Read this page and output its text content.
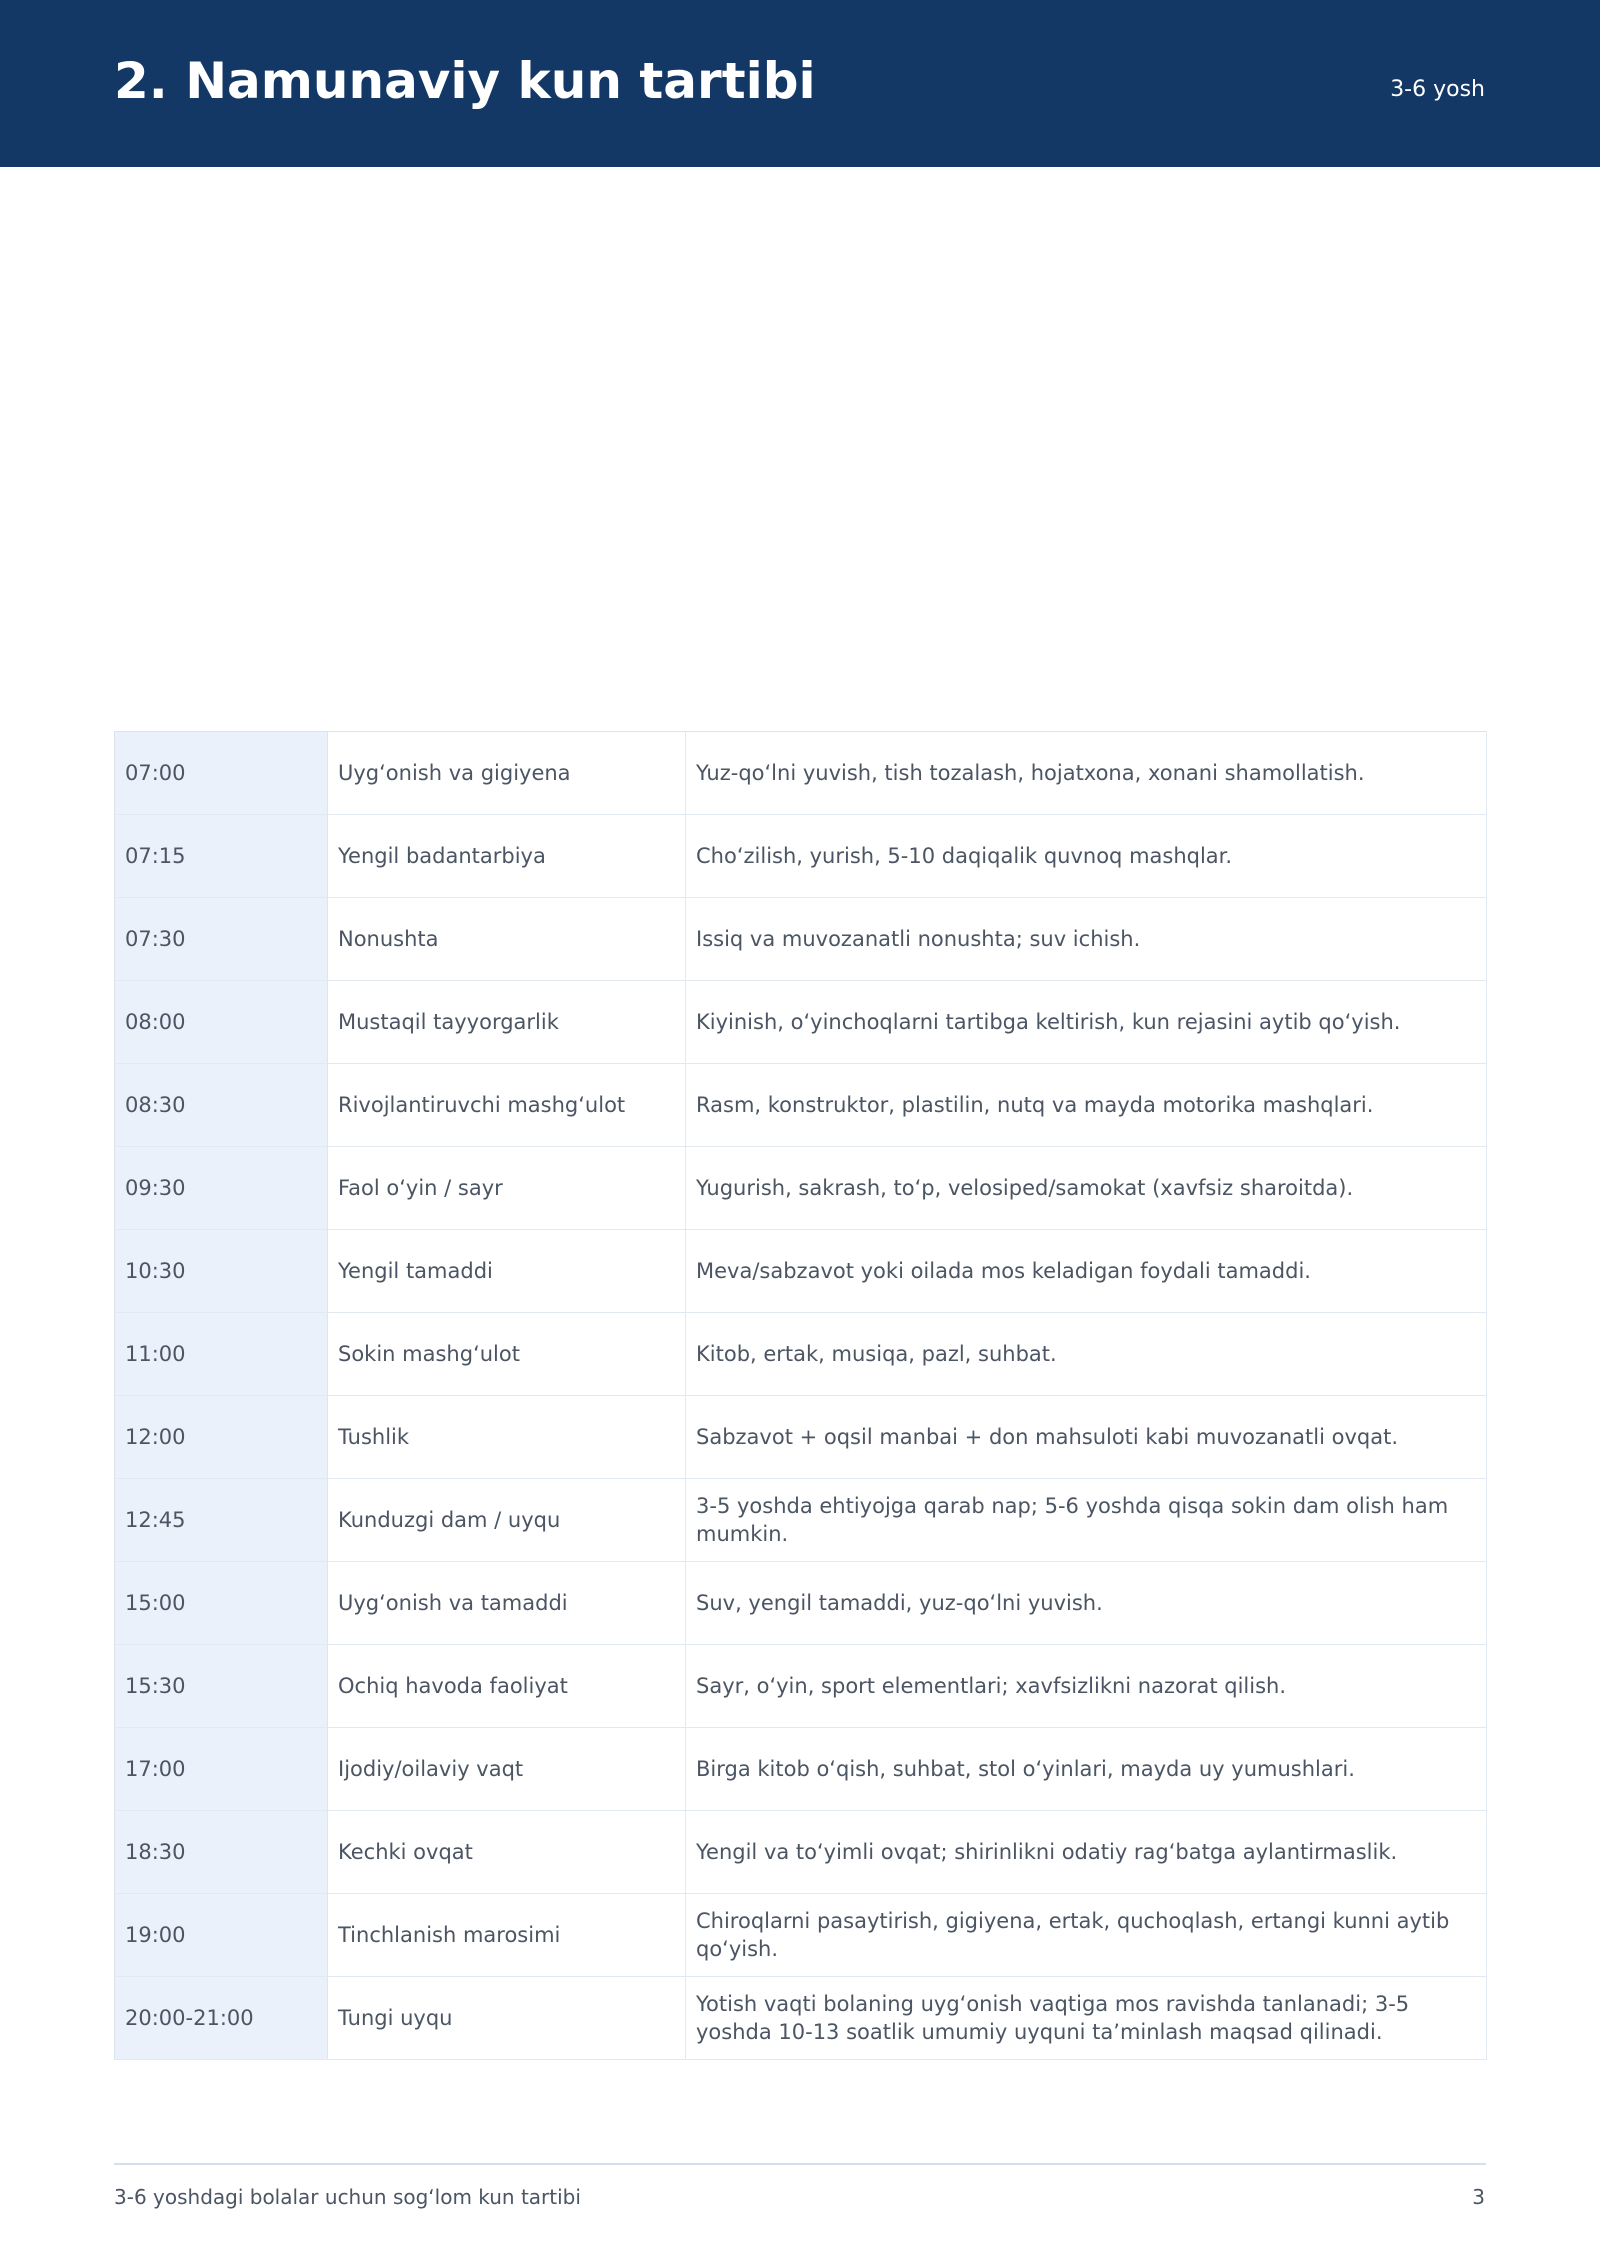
2. Namunaviy kun tartibi	3-6 yosh
07:00	Uygʻonish va gigiyena	Yuz-qoʻlni yuvish, tish tozalash, hojatxona, xonani shamollatish.
07:15	Yengil badantarbiya	Choʻzilish, yurish, 5-10 daqiqalik quvnoq mashqlar.
07:30	Nonushta	Issiq va muvozanatli nonushta; suv ichish.
08:00	Mustaqil tayyorgarlik	Kiyinish, oʻyinchoqlarni tartibga keltirish, kun rejasini aytib qoʻyish.
08:30	Rivojlantiruvchi mashgʻulot	Rasm, konstruktor, plastilin, nutq va mayda motorika mashqlari.
09:30	Faol oʻyin / sayr	Yugurish, sakrash, toʻp, velosiped/samokat (xavfsiz sharoitda).
10:30	Yengil tamaddi	Meva/sabzavot yoki oilada mos keladigan foydali tamaddi.
11:00	Sokin mashgʻulot	Kitob, ertak, musiqa, pazl, suhbat.
12:00	Tushlik	Sabzavot + oqsil manbai + don mahsuloti kabi muvozanatli ovqat.
12:45	Kunduzgi dam / uyqu	3-5 yoshda ehtiyojga qarab nap; 5-6 yoshda qisqa sokin dam olish ham mumkin.
15:00	Uygʻonish va tamaddi	Suv, yengil tamaddi, yuz-qoʻlni yuvish.
15:30	Ochiq havoda faoliyat	Sayr, oʻyin, sport elementlari; xavfsizlikni nazorat qilish.
17:00	Ijodiy/oilaviy vaqt	Birga kitob oʻqish, suhbat, stol oʻyinlari, mayda uy yumushlari.
18:30	Kechki ovqat	Yengil va toʻyimli ovqat; shirinlikni odatiy ragʻbatga aylantirmaslik.
19:00	Tinchlanish marosimi	Chiroqlarni pasaytirish, gigiyena, ertak, quchoqlash, ertangi kunni aytib qoʻyish.
20:00-21:00	Tungi uyqu	Yotish vaqti bolaning uygʻonish vaqtiga mos ravishda tanlanadi; 3-5 yoshda 10-13 soatlik umumiy uyquni taʼminlash maqsad qilinadi.
3-6 yoshdagi bolalar uchun sogʻlom kun tartibi	3
